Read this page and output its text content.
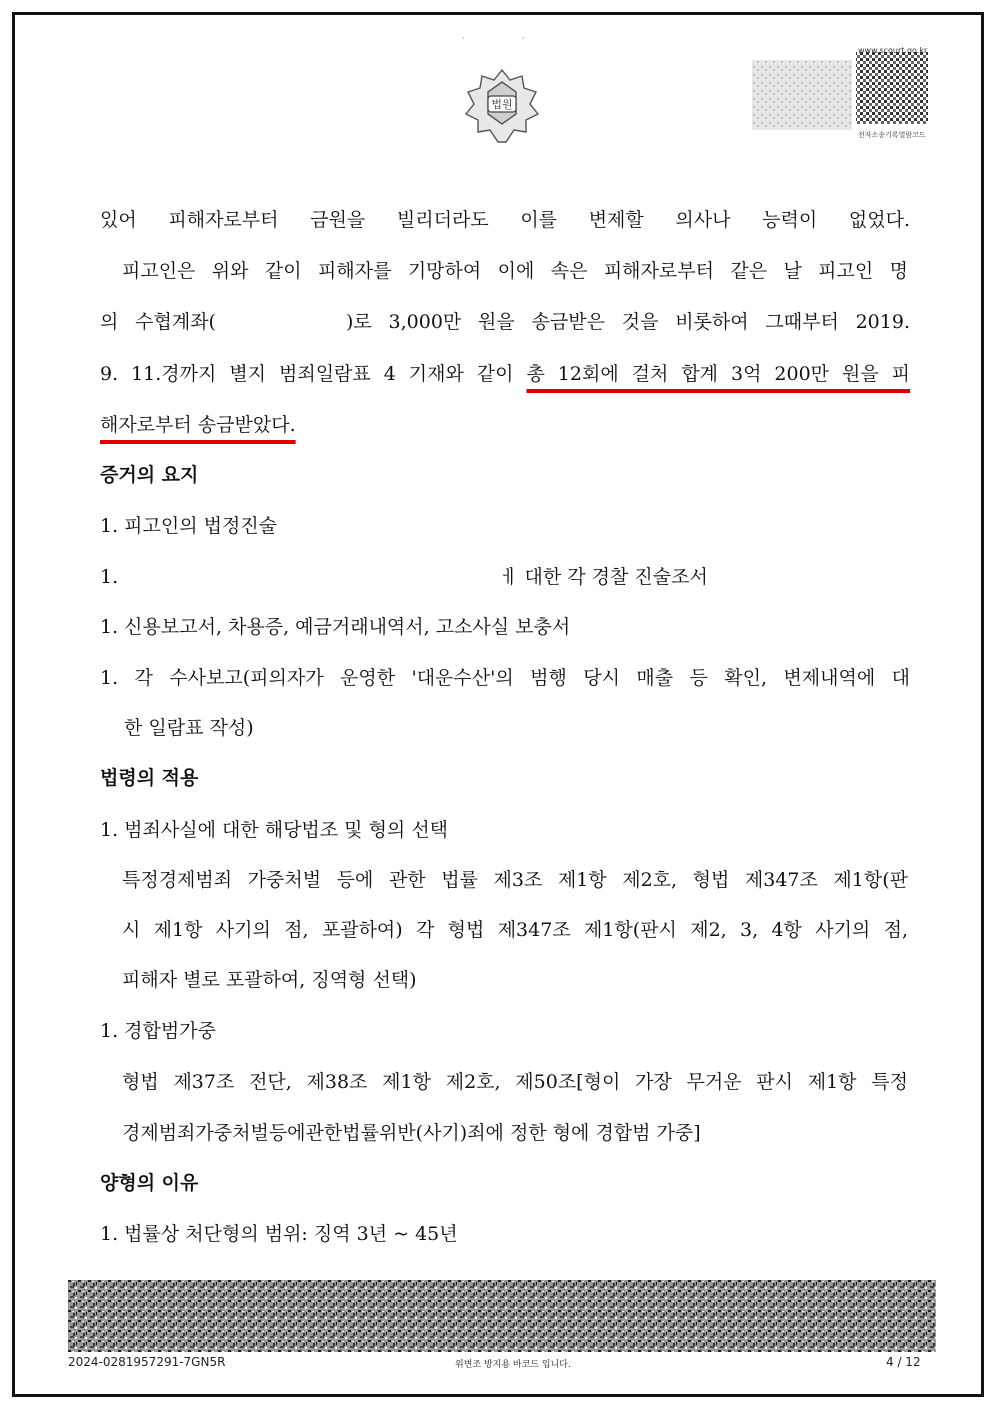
·	·
법원
www.scourt.go.kr
전자소송기록열람코드
있어 피해자로부터 금원을 빌리더라도 이를 변제할 의사나 능력이 없었다.
피고인은 위와 같이 피해자를 기망하여 이에 속은 피해자로부터 같은 날 피고인 명
의 수협계좌(	)로 3,000만 원을 송금받은 것을 비롯하여 그때부터 2019.
9. 11.경까지 별지 범죄일람표 4 기재와 같이 총 12회에 걸처 합계 3억 200만 원을 피
해자로부터 송금받았다.
증거의 요지
1. 피고인의 법정진술
1.	ㅔ 대한 각 경찰 진술조서
1. 신용보고서, 차용증, 예금거래내역서, 고소사실 보충서
1. 각 수사보고(피의자가 운영한 '대운수산'의 범행 당시 매출 등 확인, 변제내역에 대
한 일람표 작성)
법령의 적용
1. 범죄사실에 대한 해당법조 및 형의 선택
특정경제범죄 가중처벌 등에 관한 법률 제3조 제1항 제2호, 형법 제347조 제1항(판
시 제1항 사기의 점, 포괄하여) 각 형법 제347조 제1항(판시 제2, 3, 4항 사기의 점,
피해자 별로 포괄하여, 징역형 선택)
1. 경합범가중
형법 제37조 전단, 제38조 제1항 제2호, 제50조[형이 가장 무거운 판시 제1항 특정
경제범죄가중처벌등에관한법률위반(사기)죄에 정한 형에 경합범 가중]
양형의 이유
1. 법률상 처단형의 범위: 징역 3년 ~ 45년
2024-0281957291-7GN5R	위변조 방지용 바코드 입니다.	4 / 12
